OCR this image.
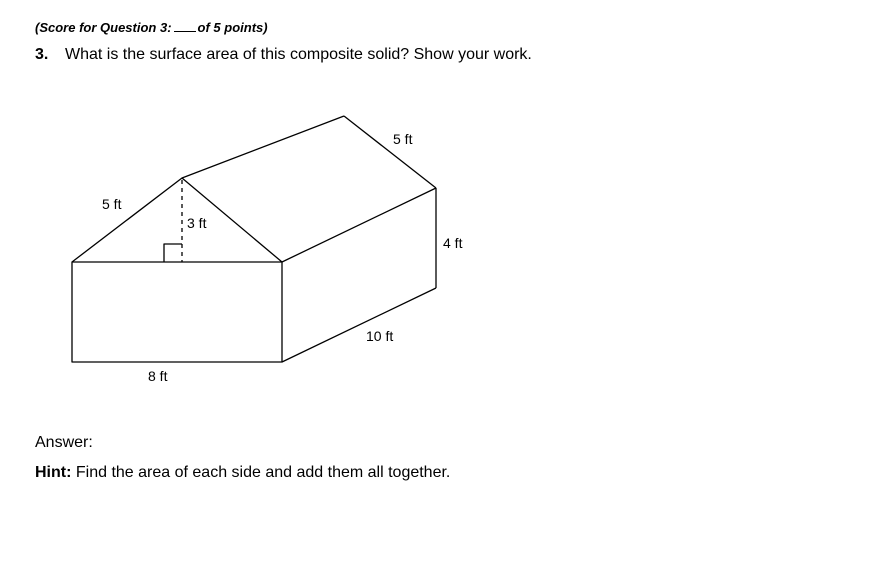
(Score for Question 3: of 5 points)
3. What is the surface area of this composite solid? Show your work.
5 ft
3 ft
5 ft
4 ft
10 ft
8 ft
Answer:
Hint: Find the area of each side and add them all together.
